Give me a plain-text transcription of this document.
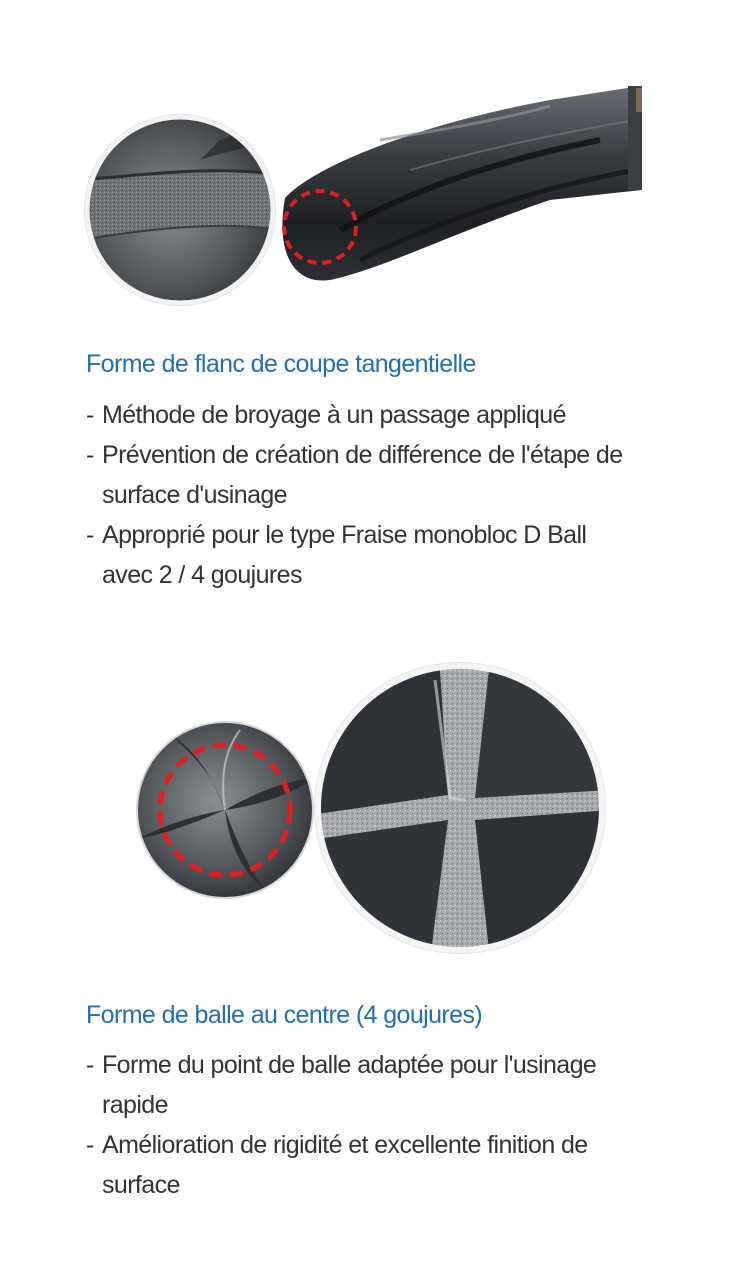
Forme de flanc de coupe tangentielle
- Méthode de broyage à un passage appliqué
- Prévention de création de différence de l'étape de surface d'usinage
- Approprié pour le type Fraise monobloc D Ball avec 2 / 4 goujures
Forme de balle au centre (4 goujures)
- Forme du point de balle adaptée pour l'usinage rapide
- Amélioration de rigidité et excellente finition de surface
